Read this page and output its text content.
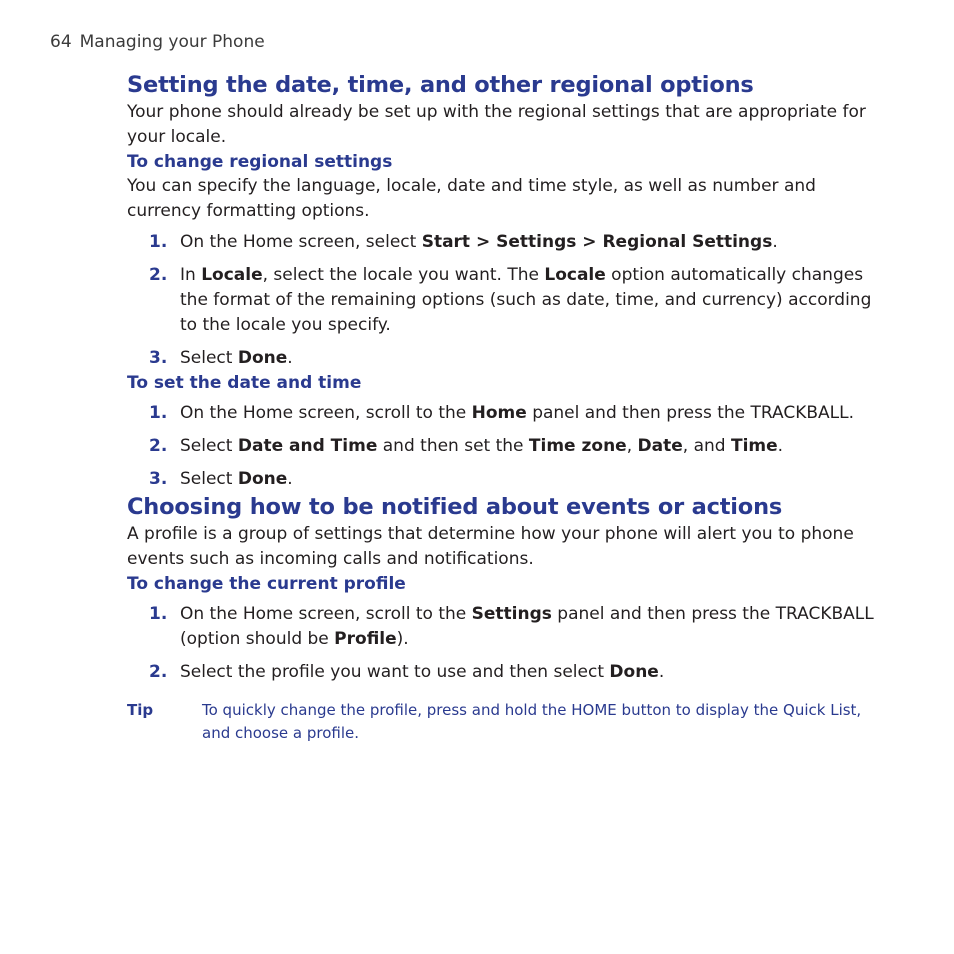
64 Managing your Phone
Setting the date, time, and other regional options

Your phone should already be set up with the regional settings that are appropriate for your locale.

To change regional settings

You can specify the language, locale, date and time style, as well as number and currency formatting options.

1. On the Home screen, select Start > Settings > Regional Settings.
2. In Locale, select the locale you want. The Locale option automatically changes the format of the remaining options (such as date, time, and currency) according to the locale you specify.
3. Select Done.
To set the date and time
1. On the Home screen, scroll to the Home panel and then press the TRACKBALL.
2. Select Date and Time and then set the Time zone, Date, and Time.
3. Select Done.
Choosing how to be notified about events or actions

A profile is a group of settings that determine how your phone will alert you to phone events such as incoming calls and notifications.

To change the current profile
1. On the Home screen, scroll to the Settings panel and then press the TRACKBALL (option should be Profile).
2. Select the profile you want to use and then select Done.
Tip	To quickly change the profile, press and hold the HOME button to display the Quick List, and choose a profile.
